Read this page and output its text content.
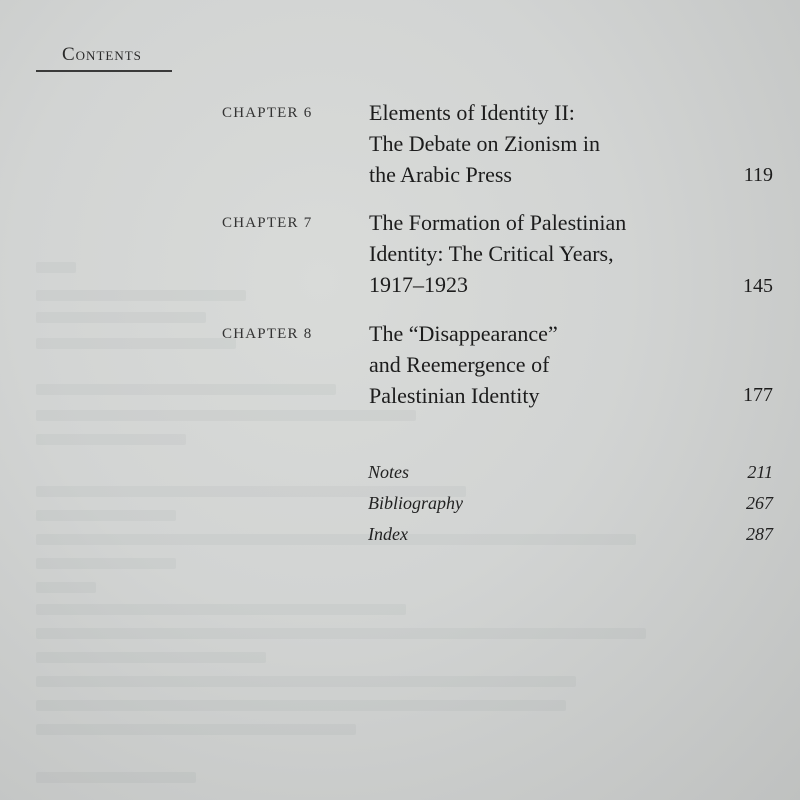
Contents
CHAPTER 6	Elements of Identity II:
The Debate on Zionism in
the Arabic Press	119
CHAPTER 7	The Formation of Palestinian
Identity: The Critical Years,
1917–1923	145
CHAPTER 8	The “Disappearance”
and Reemergence of
Palestinian Identity	177
Notes	211
Bibliography	267
Index	287
